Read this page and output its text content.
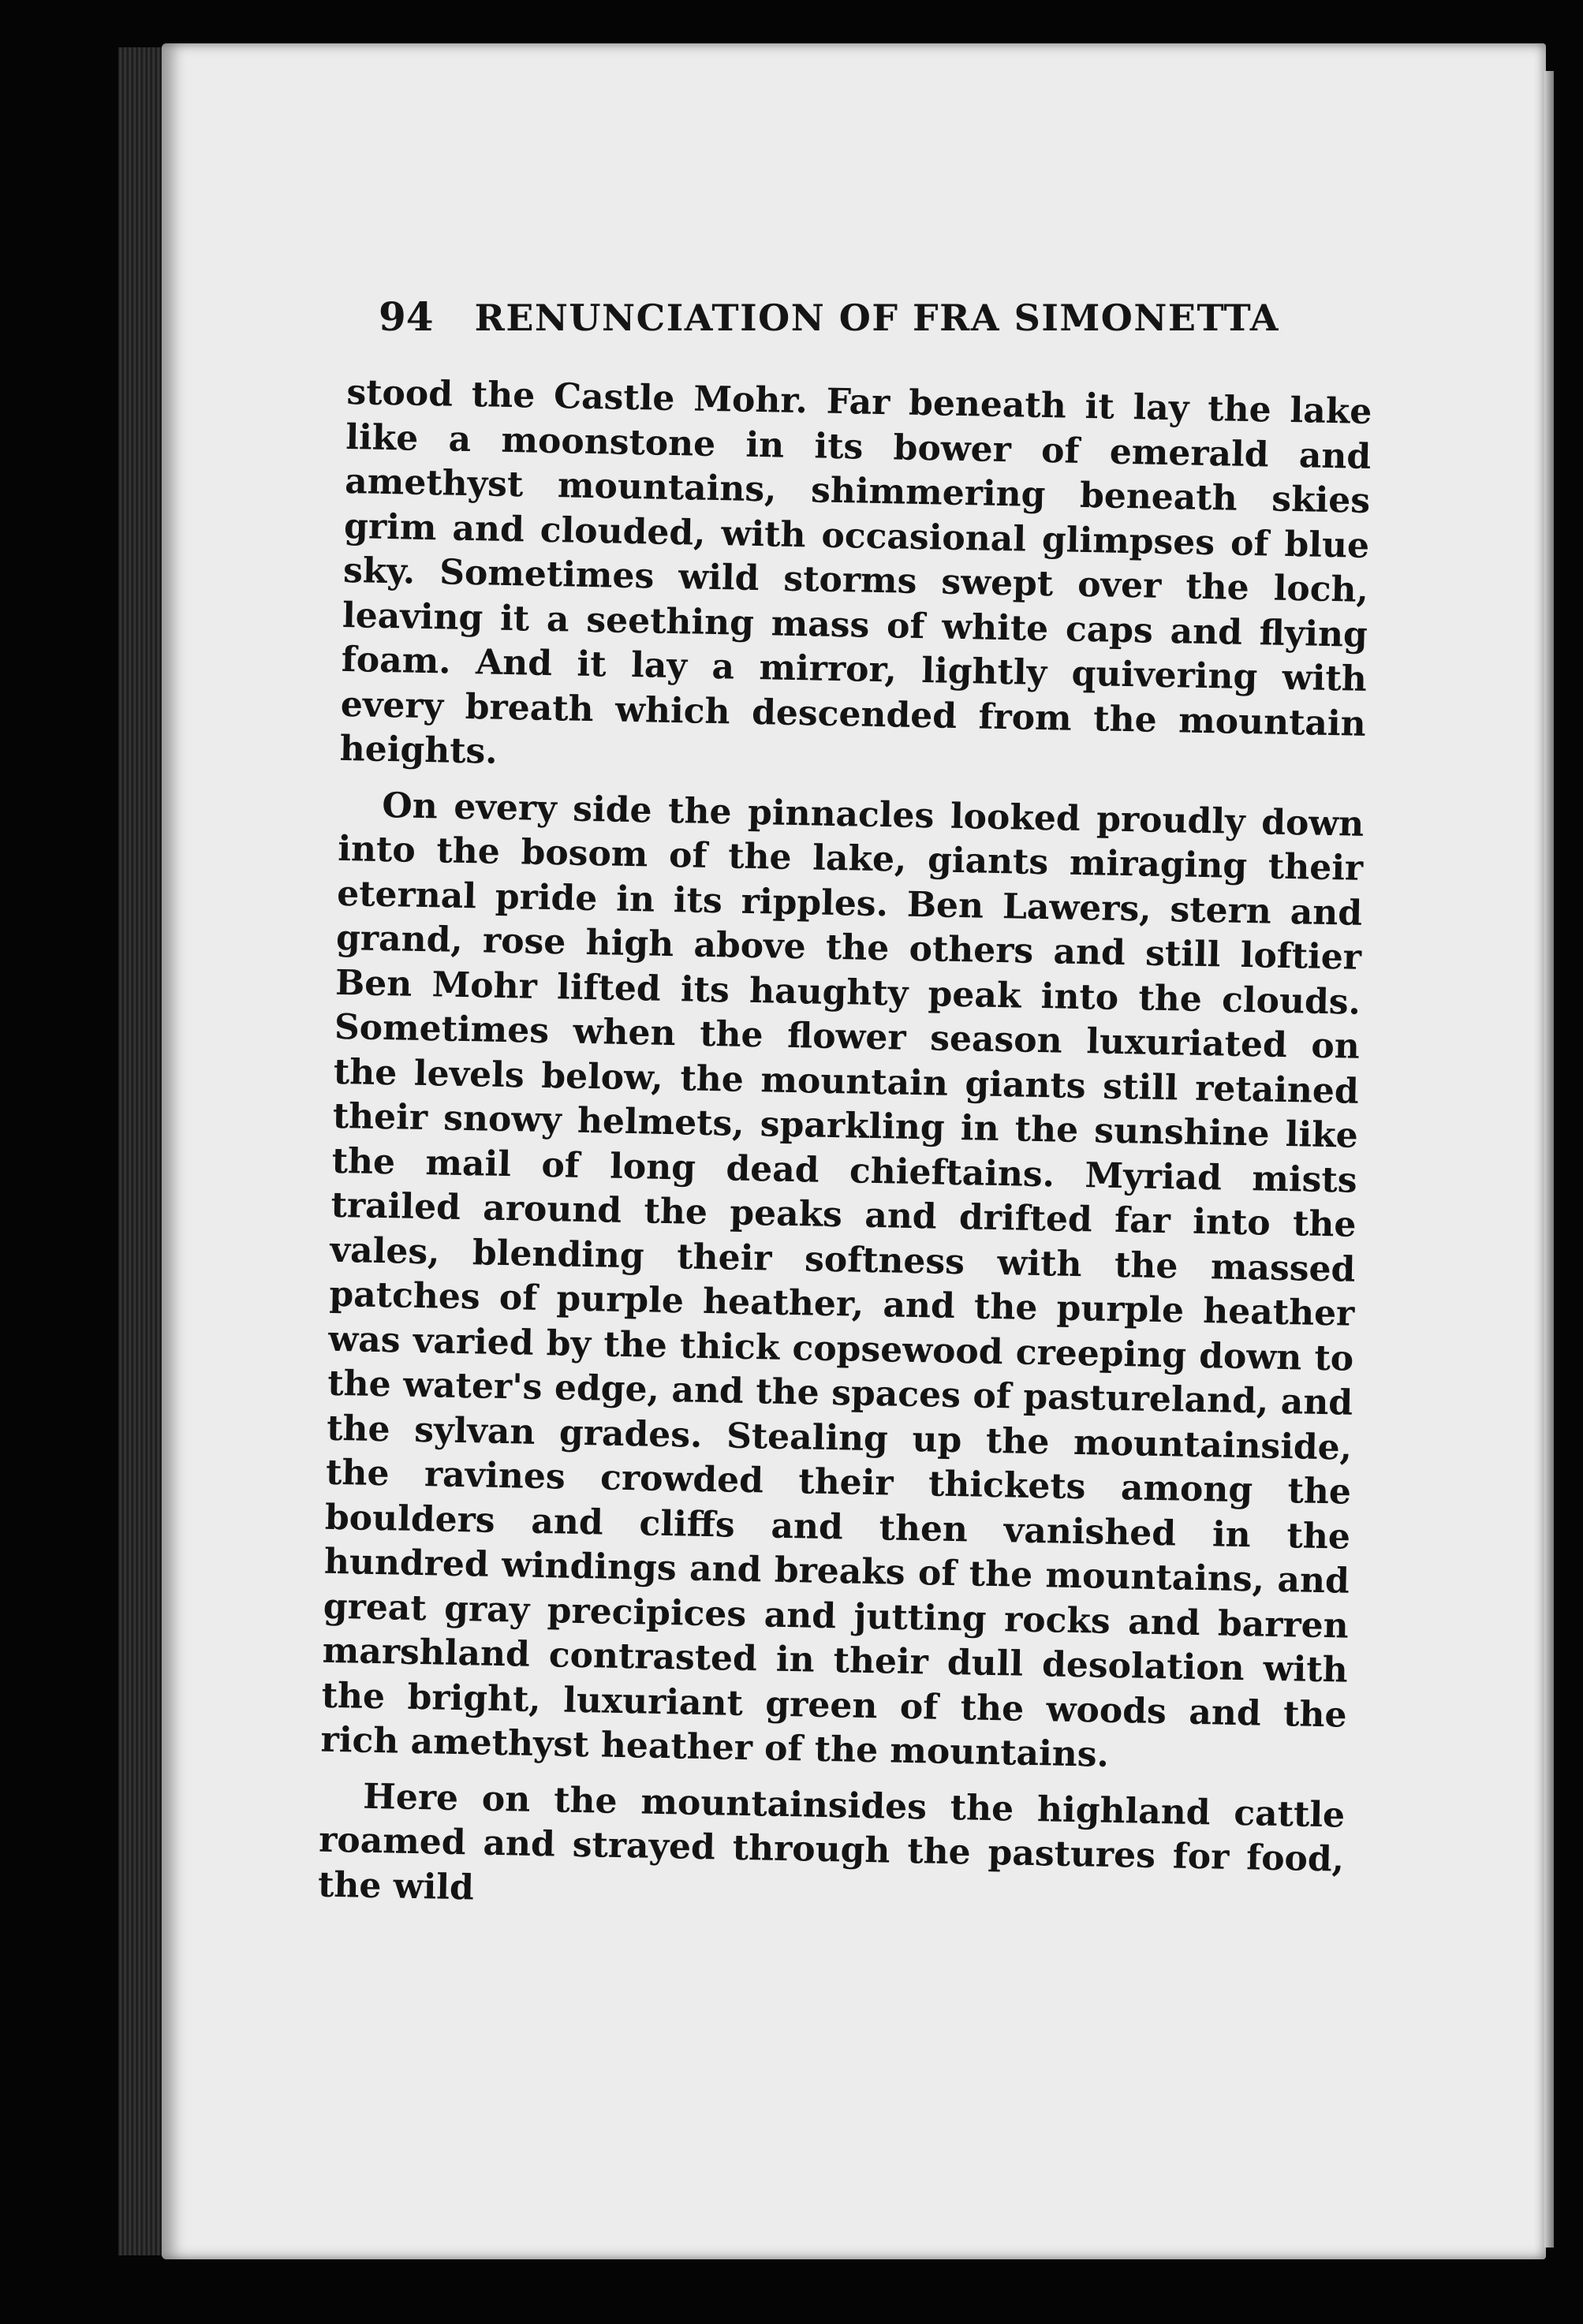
94 RENUNCIATION OF FRA SIMONETTA

stood the Castle Mohr. Far beneath it lay the lake like a moonstone in its bower of emerald and amethyst mountains, shimmering beneath skies grim and clouded, with occasional glimpses of blue sky. Sometimes wild storms swept over the loch, leaving it a seething mass of white caps and flying foam. And it lay a mirror, lightly quivering with every breath which descended from the mountain heights.

On every side the pinnacles looked proudly down into the bosom of the lake, giants miraging their eternal pride in its ripples. Ben Lawers, stern and grand, rose high above the others and still loftier Ben Mohr lifted its haughty peak into the clouds. Sometimes when the flower season luxuriated on the levels below, the mountain giants still retained their snowy helmets, sparkling in the sunshine like the mail of long dead chieftains. Myriad mists trailed around the peaks and drifted far into the vales, blending their softness with the massed patches of purple heather, and the purple heather was varied by the thick copsewood creeping down to the water's edge, and the spaces of pastureland, and the sylvan grades. Stealing up the mountainside, the ravines crowded their thickets among the boulders and cliffs and then vanished in the hundred windings and breaks of the mountains, and great gray precipices and jutting rocks and barren marshland contrasted in their dull desolation with the bright, luxuriant green of the woods and the rich amethyst heather of the mountains.

Here on the mountainsides the highland cattle roamed and strayed through the pastures for food, the wild
